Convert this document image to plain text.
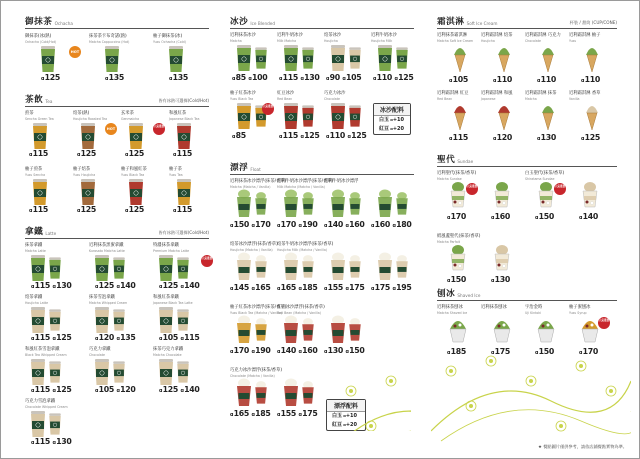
御抹茶 Ochacha
御抹茶(冰/熱)
Ochacha (Cold/Hot)
HOT
ɑ125
抹茶茶卡布奇諾(熱)
Matcha Cappuccino (Hot)
ɑ135
柚子御抹茶(冰)
Yuzu Ochacha (Cold)
ɑ135
茶飲 Tea	皆有冰熱可選擇(Cold/Hot)
煎茶
Sencha Green Tea
ɑ115
焙茶(熱)
Houjicha Roasted Tea
HOT
ɑ125
玄米茶
Genmaicha
人氣推薦
ɑ125
和風紅茶
Japanese Black Tea
ɑ115
柚子煎茶
Yuzu Sencha
ɑ115
柚子焙茶
Yuzu Houjicha
ɑ125
柚子和風紅茶
Yuzu Black Tea
ɑ125
柚子茶
Yuzu Tea
ɑ115
拿鐵 Latte	皆有冰熱可選擇(Cold/Hot)
抹茶拿鐵
Matcha Latte
ɑ115 ɑ130
近利抹茶黑蜜拿鐵
Kurosato Matcha Latte
ɑ125 ɑ140
特濃抹茶拿鐵
Premium Matcha Latte
人氣推薦
ɑ125 ɑ140
焙茶拿鐵
Houjicha Latte
ɑ115 ɑ125
抹茶雪泡拿鐵
Matcha Whipped Cream
ɑ120 ɑ135
和風紅茶拿鐵
Japanese Black Tea Latte
ɑ105 ɑ115
和風紅茶雪泡拿鐵
Black Tea Whipped Cream
ɑ115 ɑ125
巧克力拿鐵
Chocolate
ɑ105 ɑ120
抹茶巧克力拿鐵
Matcha Chocolate
ɑ125 ɑ140
巧克力雪泡拿鐵
Chocolate Whipped Cream
ɑ115 ɑ130
冰沙 Ice Blended
近利抹茶冰沙
Matcha
ɑ85 ɑ100
近利牛奶冰沙
Milk Matcha
ɑ115 ɑ130
焙茶冰沙
Houjicha
ɑ90 ɑ105
近利牛奶冰沙
Houjicha Milk
ɑ110 ɑ125
柚子紅茶冰沙
Yuzu Black Tea
人氣推薦
ɑ85
紅豆冰沙
Red Bean
ɑ115 ɑ125
巧克力冰沙
Chocolate
ɑ110 ɑ125
冰沙配料
白玉 ɑ+10
紅豆 ɑ+20
漂浮 Float
近利抹茶冰沙漂浮(抹茶/香草)
Matcha (Matcha / Vanilla)
ɑ150 ɑ170
近利牛奶冰沙漂浮(抹茶/香草)
Milk Matcha (Matcha / Vanilla)
ɑ170 ɑ190
近利牛奶冰沙漂浮
ɑ140 ɑ160 ɑ160 ɑ180
焙茶冰沙漂浮(抹茶/香草)
Houjicha (Matcha / Vanilla)
ɑ145 ɑ165
焙茶牛奶冰沙漂浮(抹茶/香草)
Houjicha Milk (Matcha / Vanilla)
ɑ165 ɑ185 ɑ155 ɑ175 ɑ175 ɑ195
柚子紅茶冰沙漂浮(抹茶/香草)
Yuzu Black Tea (Matcha / Vanilla)
ɑ170 ɑ190
紅豆冰沙漂浮(抹茶/香草)
Red Bean (Matcha / Vanilla)
ɑ140 ɑ160 ɑ130 ɑ150
巧克力冰沙漂浮(抹茶/香草)
Chocolate (Matcha / Vanilla)
ɑ165 ɑ185 ɑ155 ɑ175
漂浮配料
白玉 ɑ+10
紅豆 ɑ+20
霜淇淋 Soft Ice Cream	杯裝 / 甜筒 (CUP/CONE)
近利抹茶霜淇淋
Matcha Soft Ice Cream
ɑ105
近利霜淇淋 焙茶
Houjicha
ɑ110
近利霜淇淋 巧克力
Chocolate
ɑ110
近利霜淇淋 柚子
Yuzu
ɑ110
近利霜淇淋 紅豆
Red Bean
ɑ115
近利霜淇淋 和風
Japanese
ɑ120
近利霜淇淋 抹茶
Matcha
ɑ130
近利霜淇淋 香草
Vanilla
ɑ125
聖代 Sundae
近利聖代(抹茶/香草)
Matcha Sundae
人氣推薦
ɑ170	ɑ160
白玉聖代(抹茶/香草)
Shiratama Sundae
人氣推薦
ɑ150	ɑ140
紙風蓋聖代(抹茶/香草)
Matcha Parfait
ɑ150	ɑ130
刨冰 Shaved Ice
近利抹茶刨冰
Matcha Shaved Ice
ɑ185
近利抹茶刨冰
ɑ175
宇治金時
Uji Kintoki
ɑ150
柚子蜜刨冰
Yuzu Syrup
人氣推薦
ɑ170
★ 餐點圖片僅供參考，請依店鋪餐點實物為準。
